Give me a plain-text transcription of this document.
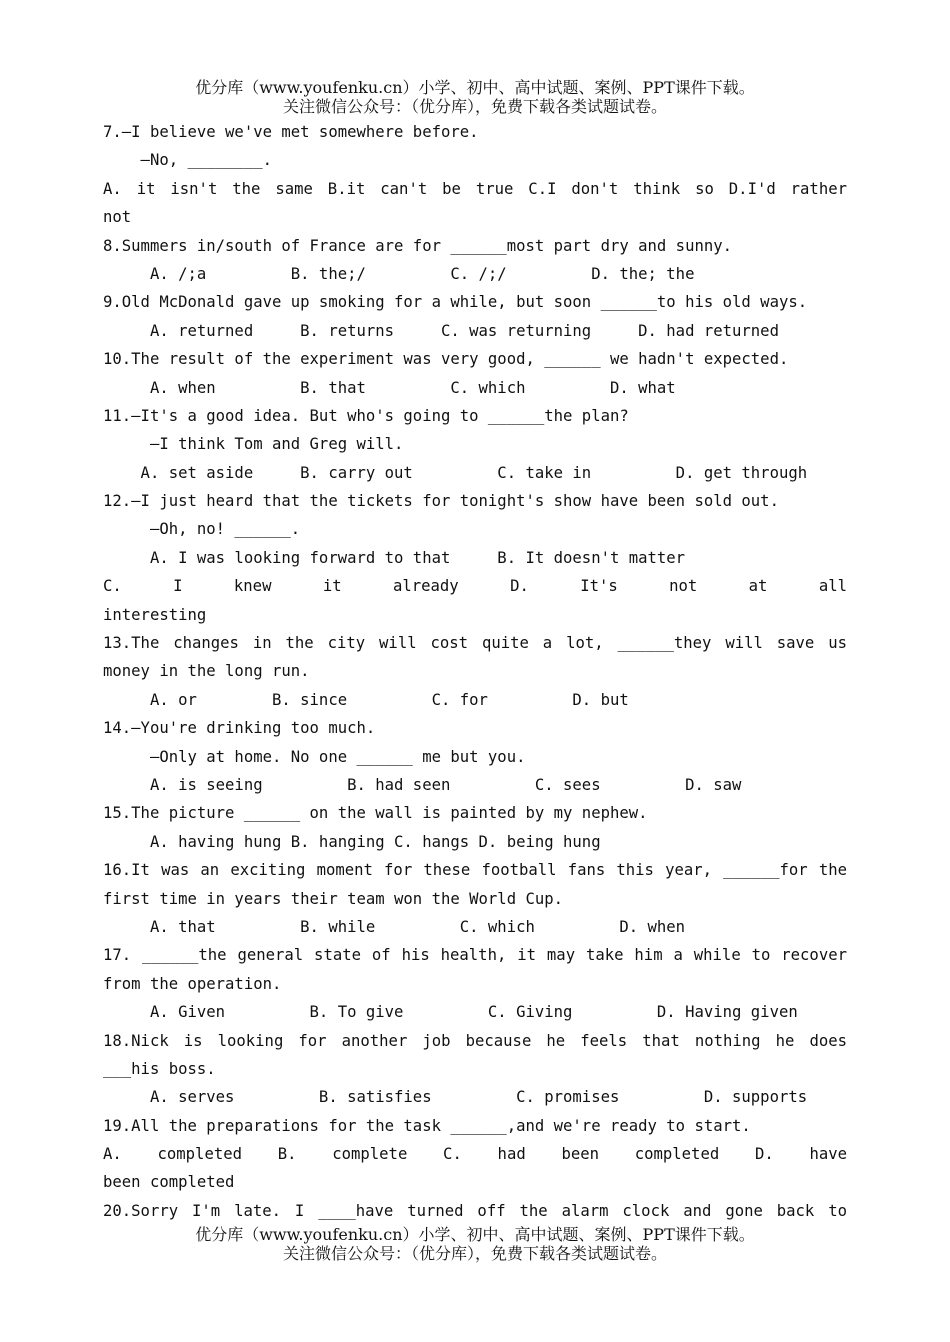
优分库（www.youfenku.cn）小学、初中、高中试题、案例、PPT课件下载。
关注微信公众号：（优分库），免费下载各类试题试卷。
7.—I believe we've met somewhere before.
—No, ________.
A. it isn't the same B.it can't be true C.I don't think so D.I'd rather
not
8.Summers in/south of France are for ______most part dry and sunny.
A. /;a         B. the;/         C. /;/         D. the; the
9.Old McDonald gave up smoking for a while, but soon ______to his old ways.
A. returned     B. returns     C. was returning     D. had returned
10.The result of the experiment was very good, ______ we hadn't expected.
A. when         B. that         C. which         D. what
11.—It's a good idea. But who's going to ______the plan?
—I think Tom and Greg will.
A. set aside     B. carry out         C. take in         D. get through
12.—I just heard that the tickets for tonight's show have been sold out.
—Oh, no! ______.
A. I was looking forward to that     B. It doesn't matter
C. I knew it already D. It's not at all
interesting
13.The changes in the city will cost quite a lot, ______they will save us
money in the long run.
A. or        B. since         C. for         D. but
14.—You're drinking too much.
—Only at home. No one ______ me but you.
A. is seeing         B. had seen         C. sees         D. saw
15.The picture ______ on the wall is painted by my nephew.
A. having hung B. hanging C. hangs D. being hung
16.It was an exciting moment for these football fans this year, ______for the
first time in years their team won the World Cup.
A. that         B. while         C. which         D. when
17. ______the general state of his health, it may take him a while to recover
from the operation.
A. Given         B. To give         C. Giving         D. Having given
18.Nick is looking for another job because he feels that nothing he does
___his boss.
A. serves         B. satisfies         C. promises         D. supports
19.All the preparations for the task ______,and we're ready to start.
A. completed B. complete C. had been completed D. have
been completed
20.Sorry I'm late. I ____have turned off the alarm clock and gone back to
优分库（www.youfenku.cn）小学、初中、高中试题、案例、PPT课件下载。
关注微信公众号：（优分库），免费下载各类试题试卷。
